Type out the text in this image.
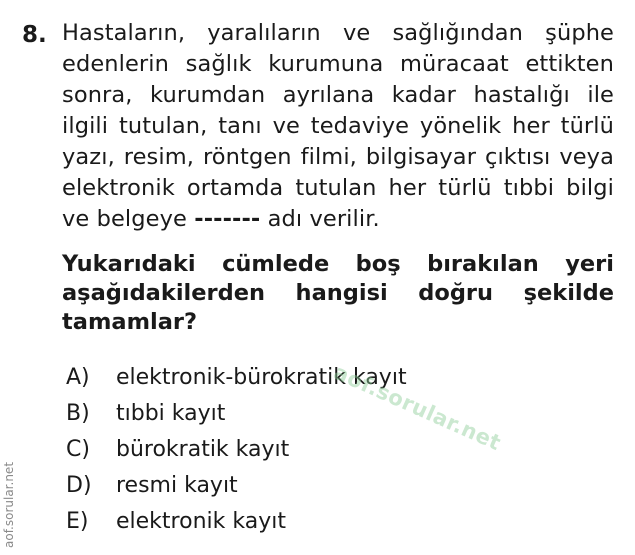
8. Hastaların, yaralıların ve sağlığından şüphe edenlerin sağlık kurumuna müracaat ettikten sonra, kurumdan ayrılana kadar hastalığı ile ilgili tutulan, tanı ve tedaviye yönelik her türlü yazı, resim, röntgen filmi, bilgisayar çıktısı veya elektronik ortamda tutulan her türlü tıbbi bilgi ve belgeye ------- adı verilir.
Yukarıdaki cümlede boş bırakılan yeri aşağıdakilerden hangisi doğru şekilde tamamlar?
A) elektronik-bürokratik kayıt
B) tıbbi kayıt
C) bürokratik kayıt
D) resmi kayıt
E) elektronik kayıt
aof.sorular.net
aof.sorular.net
